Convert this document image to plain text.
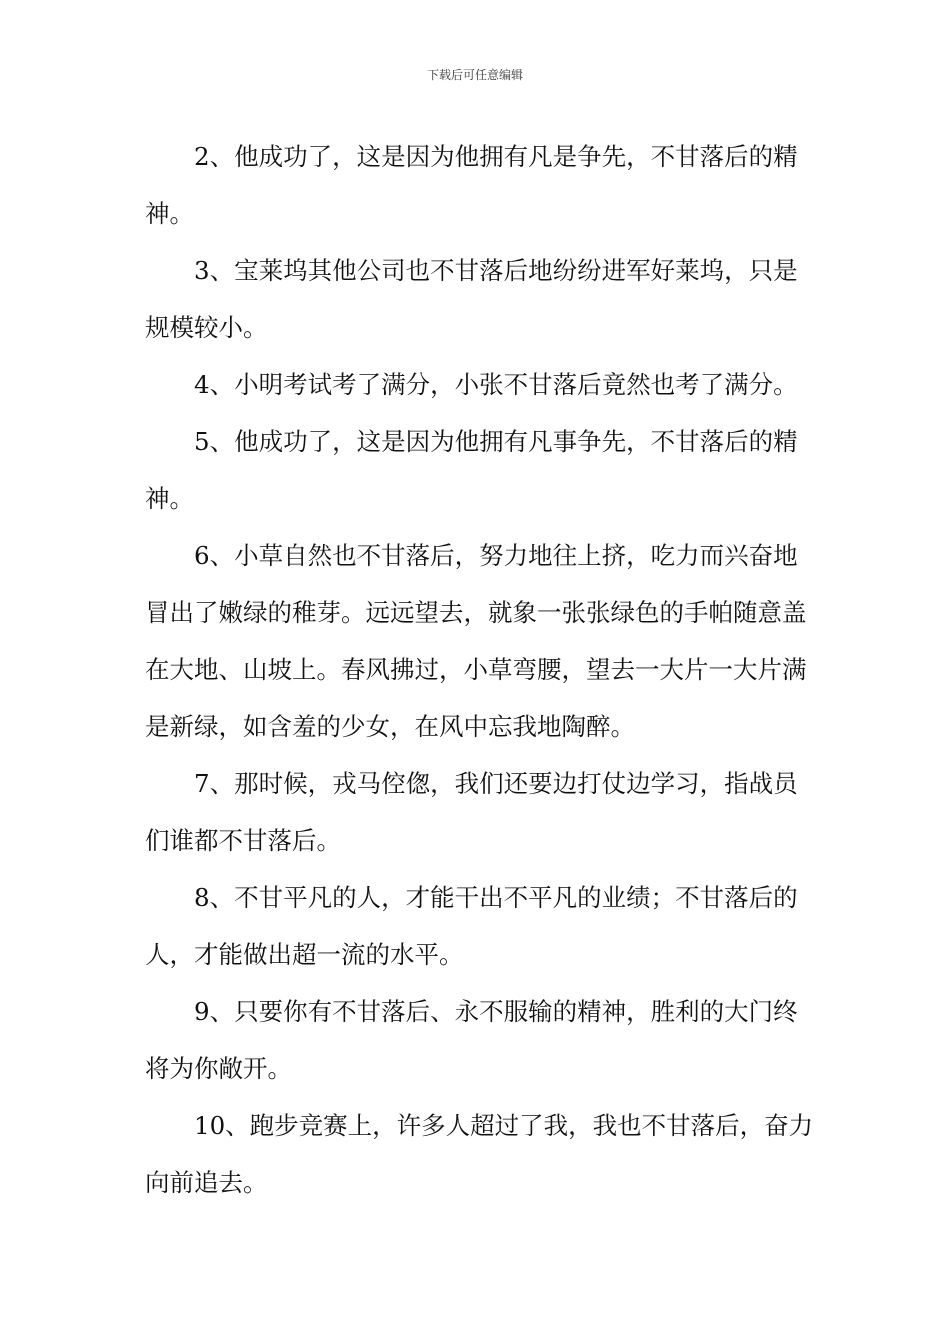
下载后可任意编辑

2、他成功了，这是因为他拥有凡是争先，不甘落后的精神。

3、宝莱坞其他公司也不甘落后地纷纷进军好莱坞，只是规模较小。

4、小明考试考了满分，小张不甘落后竟然也考了满分。

5、他成功了，这是因为他拥有凡事争先，不甘落后的精神。

6、小草自然也不甘落后，努力地往上挤，吃力而兴奋地冒出了嫩绿的稚芽。远远望去，就象一张张绿色的手帕随意盖在大地、山坡上。春风拂过，小草弯腰，望去一大片一大片满是新绿，如含羞的少女，在风中忘我地陶醉。

7、那时候，戎马倥偬，我们还要边打仗边学习，指战员们谁都不甘落后。

8、不甘平凡的人，才能干出不平凡的业绩；不甘落后的人，才能做出超一流的水平。

9、只要你有不甘落后、永不服输的精神，胜利的大门终将为你敞开。

10、跑步竞赛上，许多人超过了我，我也不甘落后，奋力向前追去。
